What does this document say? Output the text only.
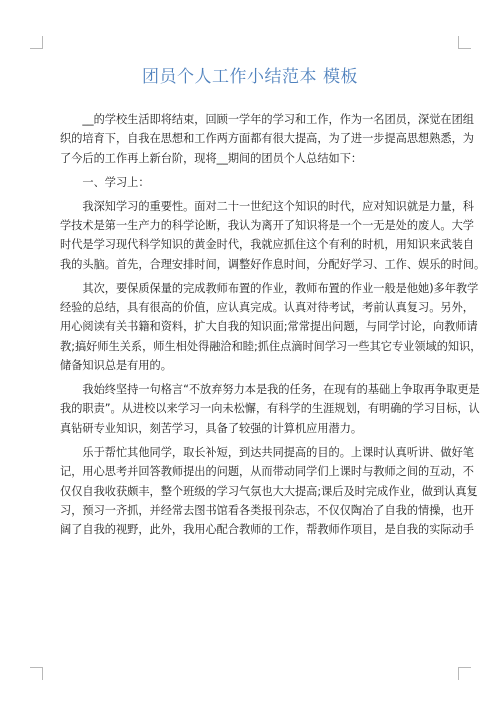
团员个人工作小结范本 模板
　　__的学校生活即将结束，回顾一学年的学习和工作，作为一名团员，深觉在团组
织的培育下，自我在思想和工作两方面都有很大提高，为了进一步提高思想熟悉，为
了今后的工作再上新台阶，现将__期间的团员个人总结如下：
　　一、学习上：
　　我深知学习的重要性。面对二十一世纪这个知识的时代，应对知识就是力量，科
学技术是第一生产力的科学论断，我认为离开了知识将是一个一无是处的废人。大学
时代是学习现代科学知识的黄金时代，我就应抓住这个有利的时机，用知识来武装自
我的头脑。首先，合理安排时间，调整好作息时间，分配好学习、工作、娱乐的时间。
　　其次，要保质保量的完成教师布置的作业，教师布置的作业一般是他她)多年教学
经验的总结，具有很高的价值，应认真完成。认真对待考试，考前认真复习。另外，
用心阅读有关书籍和资料，扩大自我的知识面;常常提出问题，与同学讨论，向教师请
教;搞好师生关系，师生相处得融洽和睦;抓住点滴时间学习一些其它专业领域的知识，
储备知识总是有用的。
　　我始终坚持一句格言“不放弃努力本是我的任务，在现有的基础上争取再争取更是
我的职责”。从进校以来学习一向未松懈，有科学的生涯规划，有明确的学习目标，认
真钻研专业知识，刻苦学习，具备了较强的计算机应用潜力。
　　乐于帮忙其他同学，取长补短，到达共同提高的目的。上课时认真听讲、做好笔
记，用心思考并回答教师提出的问题，从而带动同学们上课时与教师之间的互动，不
仅仅自我收获颇丰，整个班级的学习气氛也大大提高;课后及时完成作业，做到认真复
习，预习一齐抓，并经常去图书馆看各类报刊杂志，不仅仅陶冶了自我的情操，也开
阔了自我的视野，此外，我用心配合教师的工作，帮教师作项目，是自我的实际动手
